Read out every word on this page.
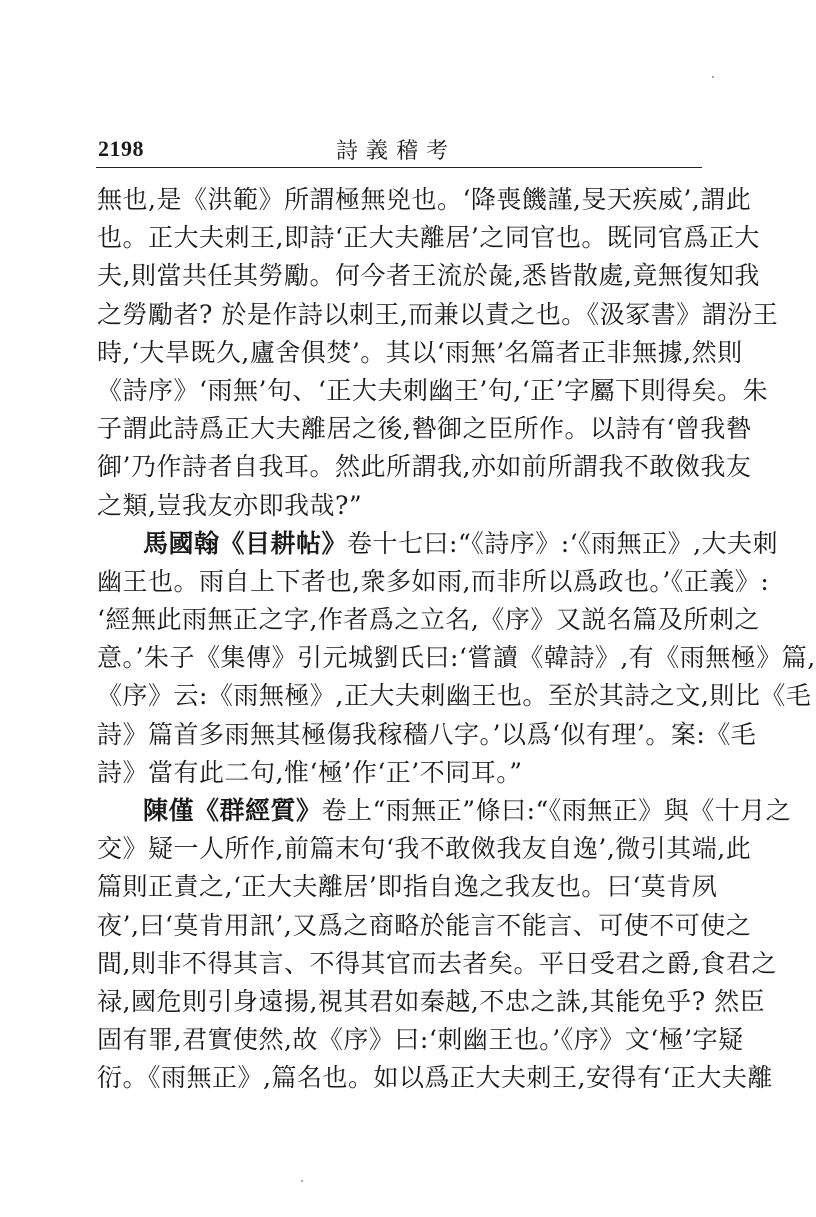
2198	詩義稽考
無也,是《洪範》所謂極無兇也。‘降喪饑謹,旻天疾威’,謂此
也。正大夫刺王,即詩‘正大夫離居’之同官也。既同官爲正大
夫,則當共任其勞勵。何今者王流於彘,悉皆散處,竟無復知我
之勞勵者? 於是作詩以刺王,而兼以責之也。《汲冢書》謂汾王
時,‘大旱既久,廬舍俱焚’。其以‘雨無’名篇者正非無據,然則
《詩序》‘雨無’句、‘正大夫刺幽王’句,‘正’字屬下則得矣。朱
子謂此詩爲正大夫離居之後,暬御之臣所作。以詩有‘曾我暬
御’乃作詩者自我耳。然此所謂我,亦如前所謂我不敢傚我友
之類,豈我友亦即我哉?”
馬國翰《目耕帖》卷十七曰:“《詩序》:‘《雨無正》,大夫刺
幽王也。雨自上下者也,衆多如雨,而非所以爲政也。’《正義》:
‘經無此雨無正之字,作者爲之立名,《序》又説名篇及所刺之
意。’朱子《集傳》引元城劉氏曰:‘嘗讀《韓詩》,有《雨無極》篇,
《序》云:《雨無極》,正大夫刺幽王也。至於其詩之文,則比《毛
詩》篇首多雨無其極傷我稼穡八字。’以爲‘似有理’。案:《毛
詩》當有此二句,惟‘極’作‘正’不同耳。”
陳僅《群經質》卷上“雨無正”條曰:“《雨無正》與《十月之
交》疑一人所作,前篇末句‘我不敢傚我友自逸’,微引其端,此
篇則正責之,‘正大夫離居’即指自逸之我友也。曰‘莫肯夙
夜’,曰‘莫肯用訊’,又爲之商略於能言不能言、可使不可使之
間,則非不得其言、不得其官而去者矣。平日受君之爵,食君之
禄,國危則引身遠揚,視其君如秦越,不忠之誅,其能免乎? 然臣
固有罪,君實使然,故《序》曰:‘刺幽王也。’《序》文‘極’字疑
衍。《雨無正》,篇名也。如以爲正大夫刺王,安得有‘正大夫離
